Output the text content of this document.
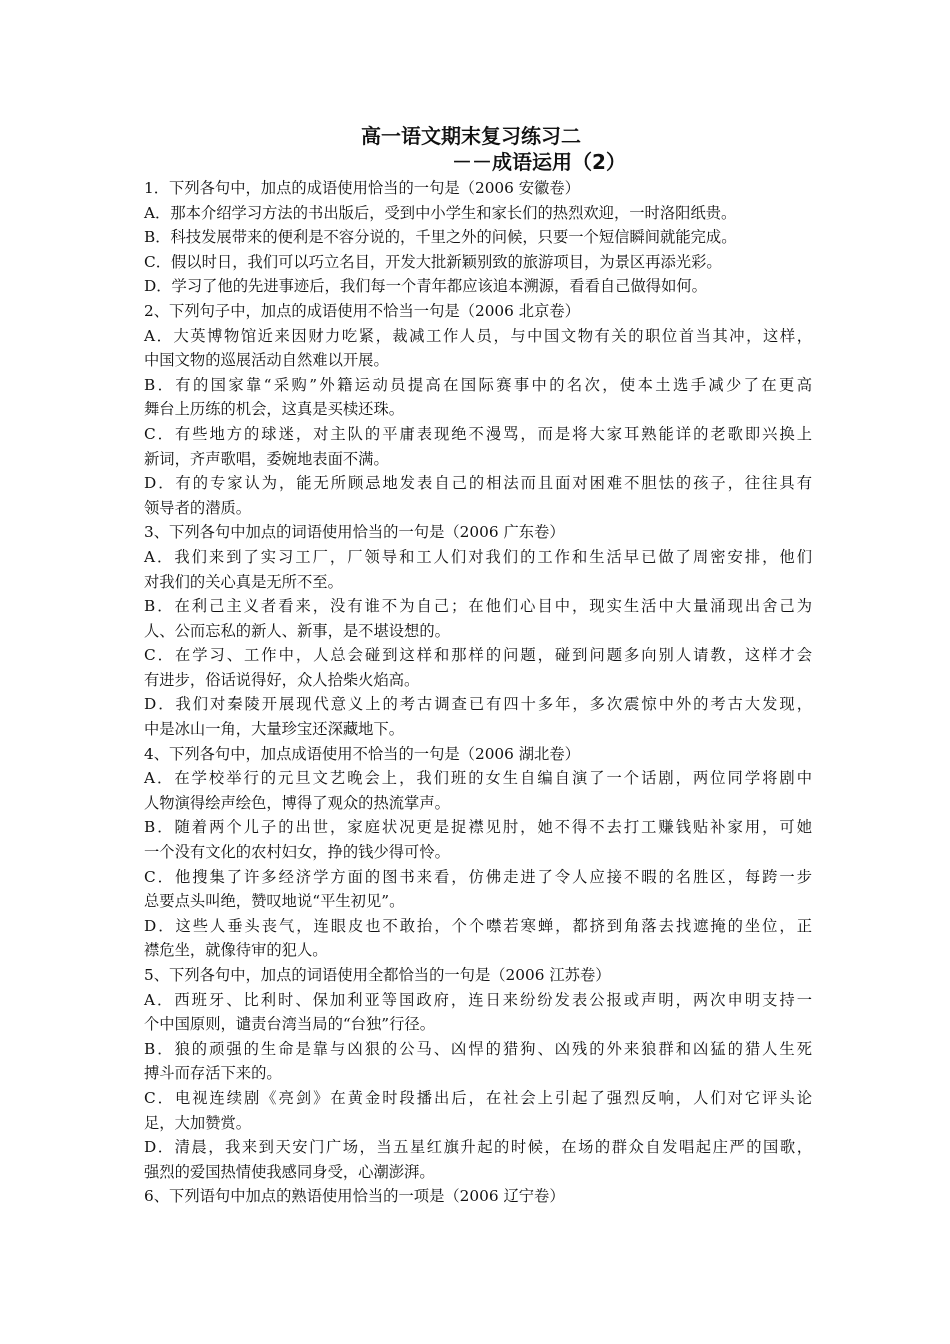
高一语文期末复习练习二
－－成语运用（2）
1．下列各句中，加点的成语使用恰当的一句是（2006 安徽卷）
A．那本介绍学习方法的书出版后，受到中小学生和家长们的热烈欢迎，一时洛阳纸贵。
B．科技发展带来的便利是不容分说的，千里之外的问候，只要一个短信瞬间就能完成。
C．假以时日，我们可以巧立名目，开发大批新颖别致的旅游项目，为景区再添光彩。
D．学习了他的先进事迹后，我们每一个青年都应该追本溯源，看看自己做得如何。
2、下列句子中，加点的成语使用不恰当一句是（2006 北京卷）
A．大英博物馆近来因财力吃紧，裁减工作人员，与中国文物有关的职位首当其冲，这样，
中国文物的巡展活动自然难以开展。
B．有的国家靠“采购”外籍运动员提高在国际赛事中的名次，使本土选手减少了在更高
舞台上历练的机会，这真是买椟还珠。
C．有些地方的球迷，对主队的平庸表现绝不漫骂，而是将大家耳熟能详的老歌即兴换上
新词，齐声歌唱，委婉地表面不满。
D．有的专家认为，能无所顾忌地发表自己的相法而且面对困难不胆怯的孩子，往往具有
领导者的潜质。
3、下列各句中加点的词语使用恰当的一句是（2006 广东卷）
A．我们来到了实习工厂，厂领导和工人们对我们的工作和生活早已做了周密安排，他们
对我们的关心真是无所不至。
B．在利己主义者看来，没有谁不为自己；在他们心目中，现实生活中大量涌现出舍己为
人、公而忘私的新人、新事，是不堪设想的。
C．在学习、工作中，人总会碰到这样和那样的问题，碰到问题多向别人请教，这样才会
有进步，俗话说得好，众人拾柴火焰高。
D．我们对秦陵开展现代意义上的考古调查已有四十多年，多次震惊中外的考古大发现，
中是冰山一角，大量珍宝还深藏地下。
4、下列各句中，加点成语使用不恰当的一句是（2006 湖北卷）
A．在学校举行的元旦文艺晚会上，我们班的女生自编自演了一个话剧，两位同学将剧中
人物演得绘声绘色，博得了观众的热流掌声。
B．随着两个儿子的出世，家庭状况更是捉襟见肘，她不得不去打工赚钱贴补家用，可她
一个没有文化的农村妇女，挣的钱少得可怜。
C．他搜集了许多经济学方面的图书来看，仿佛走进了令人应接不暇的名胜区，每跨一步
总要点头叫绝，赞叹地说“平生初见”。
D．这些人垂头丧气，连眼皮也不敢抬，个个噤若寒蝉，都挤到角落去找遮掩的坐位，正
襟危坐，就像待审的犯人。
5、下列各句中，加点的词语使用全都恰当的一句是（2006 江苏卷）
A．西班牙、比利时、保加利亚等国政府，连日来纷纷发表公报或声明，两次申明支持一
个中国原则，谴责台湾当局的“台独”行径。
B．狼的顽强的生命是靠与凶狠的公马、凶悍的猎狗、凶残的外来狼群和凶猛的猎人生死
搏斗而存活下来的。
C．电视连续剧《亮剑》在黄金时段播出后，在社会上引起了强烈反响，人们对它评头论
足，大加赞赏。
D．清晨，我来到天安门广场，当五星红旗升起的时候，在场的群众自发唱起庄严的国歌，
强烈的爱国热情使我感同身受，心潮澎湃。
6、下列语句中加点的熟语使用恰当的一项是（2006 辽宁卷）
